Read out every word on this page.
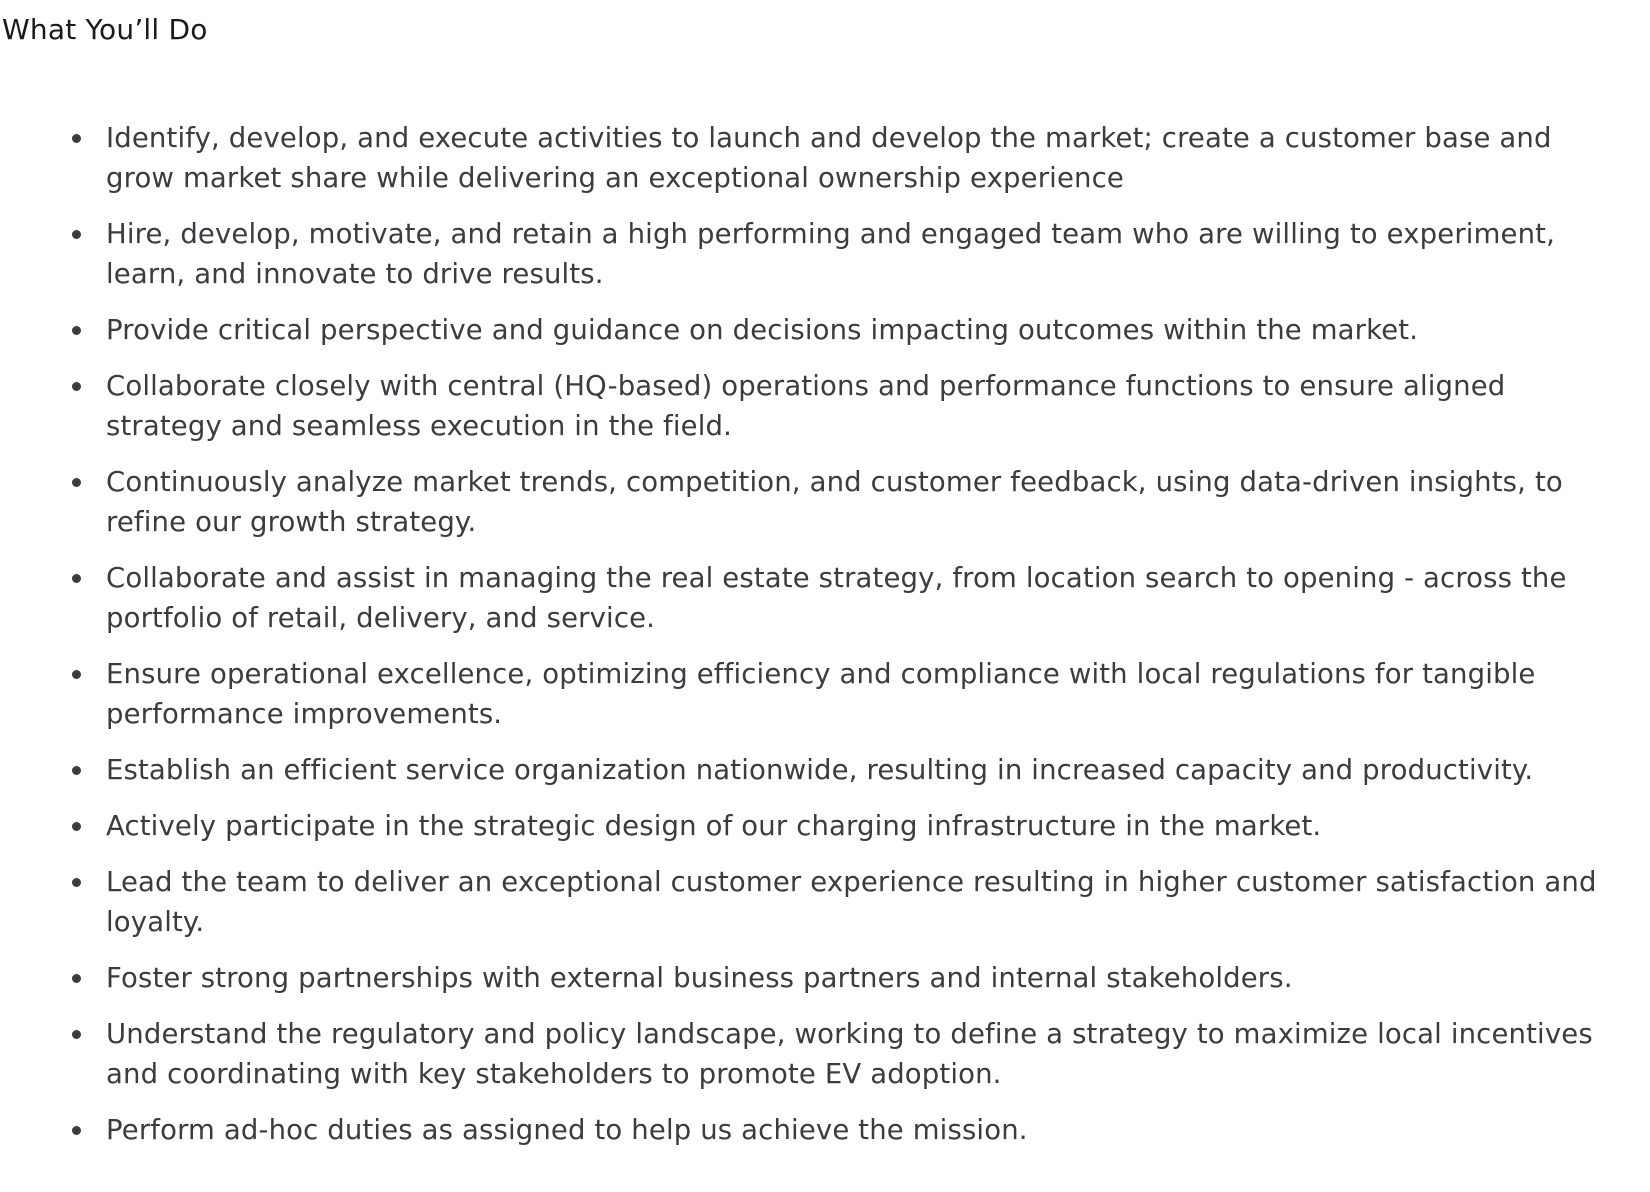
What You’ll Do
Identify, develop, and execute activities to launch and develop the market; create a customer base and grow market share while delivering an exceptional ownership experience
Hire, develop, motivate, and retain a high performing and engaged team who are willing to experiment, learn, and innovate to drive results.
Provide critical perspective and guidance on decisions impacting outcomes within the market.
Collaborate closely with central (HQ-based) operations and performance functions to ensure aligned strategy and seamless execution in the field.
Continuously analyze market trends, competition, and customer feedback, using data-driven insights, to refine our growth strategy.
Collaborate and assist in managing the real estate strategy, from location search to opening - across the portfolio of retail, delivery, and service.
Ensure operational excellence, optimizing efficiency and compliance with local regulations for tangible performance improvements.
Establish an efficient service organization nationwide, resulting in increased capacity and productivity.
Actively participate in the strategic design of our charging infrastructure in the market.
Lead the team to deliver an exceptional customer experience resulting in higher customer satisfaction and loyalty.
Foster strong partnerships with external business partners and internal stakeholders.
Understand the regulatory and policy landscape, working to define a strategy to maximize local incentives and coordinating with key stakeholders to promote EV adoption.
Perform ad-hoc duties as assigned to help us achieve the mission.
